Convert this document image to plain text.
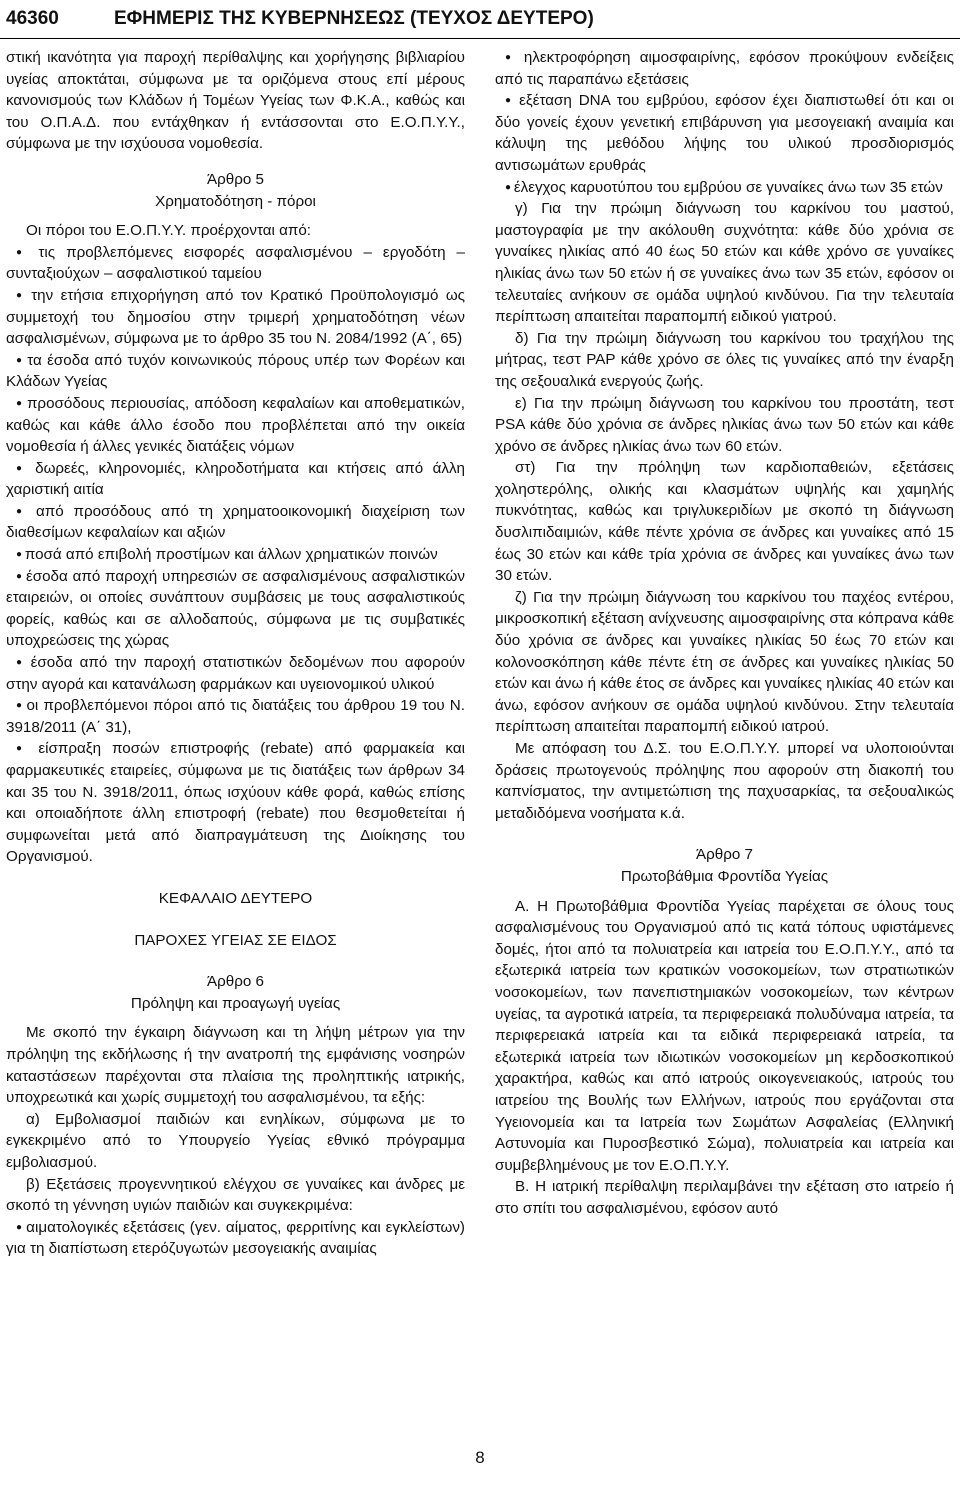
46360	ΕΦΗΜΕΡΙΣ ΤΗΣ ΚΥΒΕΡΝΗΣΕΩΣ (ΤΕΥΧΟΣ ΔΕΥΤΕΡΟ)

στική ικανότητα για παροχή περίθαλψης και χορήγησης βιβλιαρίου υγείας αποκτάται, σύμφωνα με τα οριζόμενα στους επί μέρους κανονισμούς των Κλάδων ή Τομέων Υγείας των Φ.Κ.Α., καθώς και του Ο.Π.Α.Δ. που εντάχθηκαν ή εντάσσονται στο Ε.Ο.Π.Υ.Υ., σύμφωνα με την ισχύουσα νομοθεσία.

Άρθρο 5

Χρηματοδότηση - πόροι

Οι πόροι του Ε.Ο.Π.Υ.Υ. προέρχονται από:

● τις προβλεπόμενες εισφορές ασφαλισμένου – εργοδότη – συνταξιούχων – ασφαλιστικού ταμείου

● την ετήσια επιχορήγηση από τον Κρατικό Προϋπολογισμό ως συμμετοχή του δημοσίου στην τριμερή χρηματοδότηση νέων ασφαλισμένων, σύμφωνα με το άρθρο 35 του Ν. 2084/1992 (Α΄, 65)

● τα έσοδα από τυχόν κοινωνικούς πόρους υπέρ των Φορέων και Κλάδων Υγείας

● προσόδους περιουσίας, απόδοση κεφαλαίων και αποθεματικών, καθώς και κάθε άλλο έσοδο που προβλέπεται από την οικεία νομοθεσία ή άλλες γενικές διατάξεις νόμων

● δωρεές, κληρονομιές, κληροδοτήματα και κτήσεις από άλλη χαριστική αιτία

● από προσόδους από τη χρηματοοικονομική διαχείριση των διαθεσίμων κεφαλαίων και αξιών

● ποσά από επιβολή προστίμων και άλλων χρηματικών ποινών

● έσοδα από παροχή υπηρεσιών σε ασφαλισμένους ασφαλιστικών εταιρειών, οι οποίες συνάπτουν συμβάσεις με τους ασφαλιστικούς φορείς, καθώς και σε αλλοδαπούς, σύμφωνα με τις συμβατικές υποχρεώσεις της χώρας

● έσοδα από την παροχή στατιστικών δεδομένων που αφορούν στην αγορά και κατανάλωση φαρμάκων και υγειονομικού υλικού

● οι προβλεπόμενοι πόροι από τις διατάξεις του άρθρου 19 του Ν. 3918/2011 (Α΄ 31),

● είσπραξη ποσών επιστροφής (rebate) από φαρμακεία και φαρμακευτικές εταιρείες, σύμφωνα με τις διατάξεις των άρθρων 34 και 35 του Ν. 3918/2011, όπως ισχύουν κάθε φορά, καθώς επίσης και οποιαδήποτε άλλη επιστροφή (rebate) που θεσμοθετείται ή συμφωνείται μετά από διαπραγμάτευση της Διοίκησης του Οργανισμού.

ΚΕΦΑΛΑΙΟ ΔΕΥΤΕΡΟ

ΠΑΡΟΧΕΣ ΥΓΕΙΑΣ ΣΕ ΕΙΔΟΣ

Άρθρο 6

Πρόληψη και προαγωγή υγείας

Με σκοπό την έγκαιρη διάγνωση και τη λήψη μέτρων για την πρόληψη της εκδήλωσης ή την ανατροπή της εμφάνισης νοσηρών καταστάσεων παρέχονται στα πλαίσια της προληπτικής ιατρικής, υποχρεωτικά και χωρίς συμμετοχή του ασφαλισμένου, τα εξής:

α) Εμβολιασμοί παιδιών και ενηλίκων, σύμφωνα με το εγκεκριμένο από το Υπουργείο Υγείας εθνικό πρόγραμμα εμβολιασμού.

β) Εξετάσεις προγεννητικού ελέγχου σε γυναίκες και άνδρες με σκοπό τη γέννηση υγιών παιδιών και συγκεκριμένα:

● αιματολογικές εξετάσεις (γεν. αίματος, φερριτίνης και εγκλείστων) για τη διαπίστωση ετερόζυγωτών μεσογειακής αναιμίας

● ηλεκτροφόρηση αιμοσφαιρίνης, εφόσον προκύψουν ενδείξεις από τις παραπάνω εξετάσεις

● εξέταση DNA του εμβρύου, εφόσον έχει διαπιστωθεί ότι και οι δύο γονείς έχουν γενετική επιβάρυνση για μεσογειακή αναιμία και κάλυψη της μεθόδου λήψης του υλικού προσδιορισμός αντισωμάτων ερυθράς

● έλεγχος καρυοτύπου του εμβρύου σε γυναίκες άνω των 35 ετών

γ) Για την πρώιμη διάγνωση του καρκίνου του μαστού, μαστογραφία με την ακόλουθη συχνότητα: κάθε δύο χρόνια σε γυναίκες ηλικίας από 40 έως 50 ετών και κάθε χρόνο σε γυναίκες ηλικίας άνω των 50 ετών ή σε γυναίκες άνω των 35 ετών, εφόσον οι τελευταίες ανήκουν σε ομάδα υψηλού κινδύνου. Για την τελευταία περίπτωση απαιτείται παραπομπή ειδικού γιατρού.

δ) Για την πρώιμη διάγνωση του καρκίνου του τραχήλου της μήτρας, τεστ PAP κάθε χρόνο σε όλες τις γυναίκες από την έναρξη της σεξουαλικά ενεργούς ζωής.

ε) Για την πρώιμη διάγνωση του καρκίνου του προστάτη, τεστ PSA κάθε δύο χρόνια σε άνδρες ηλικίας άνω των 50 ετών και κάθε χρόνο σε άνδρες ηλικίας άνω των 60 ετών.

στ) Για την πρόληψη των καρδιοπαθειών, εξετάσεις χοληστερόλης, ολικής και κλασμάτων υψηλής και χαμηλής πυκνότητας, καθώς και τριγλυκεριδίων με σκοπό τη διάγνωση δυσλιπιδαιμιών, κάθε πέντε χρόνια σε άνδρες και γυναίκες από 15 έως 30 ετών και κάθε τρία χρόνια σε άνδρες και γυναίκες άνω των 30 ετών.

ζ) Για την πρώιμη διάγνωση του καρκίνου του παχέος εντέρου, μικροσκοπική εξέταση ανίχνευσης αιμοσφαιρίνης στα κόπρανα κάθε δύο χρόνια σε άνδρες και γυναίκες ηλικίας 50 έως 70 ετών και κολονοσκόπηση κάθε πέντε έτη σε άνδρες και γυναίκες ηλικίας 50 ετών και άνω ή κάθε έτος σε άνδρες και γυναίκες ηλικίας 40 ετών και άνω, εφόσον ανήκουν σε ομάδα υψηλού κινδύνου. Στην τελευταία περίπτωση απαιτείται παραπομπή ειδικού ιατρού.

Με απόφαση του Δ.Σ. του Ε.Ο.Π.Υ.Υ. μπορεί να υλοποιούνται δράσεις πρωτογενούς πρόληψης που αφορούν στη διακοπή του καπνίσματος, την αντιμετώπιση της παχυσαρκίας, τα σεξουαλικώς μεταδιδόμενα νοσήματα κ.ά.

Άρθρο 7

Πρωτοβάθμια Φροντίδα Υγείας

Α. Η Πρωτοβάθμια Φροντίδα Υγείας παρέχεται σε όλους τους ασφαλισμένους του Οργανισμού από τις κατά τόπους υφιστάμενες δομές, ήτοι από τα πολυιατρεία και ιατρεία του Ε.Ο.Π.Υ.Υ., από τα εξωτερικά ιατρεία των κρατικών νοσοκομείων, των στρατιωτικών νοσοκομείων, των πανεπιστημιακών νοσοκομείων, των κέντρων υγείας, τα αγροτικά ιατρεία, τα περιφερειακά πολυδύναμα ιατρεία, τα περιφερειακά ιατρεία και τα ειδικά περιφερειακά ιατρεία, τα εξωτερικά ιατρεία των ιδιωτικών νοσοκομείων μη κερδοσκοπικού χαρακτήρα, καθώς και από ιατρούς οικογενειακούς, ιατρούς του ιατρείου της Βουλής των Ελλήνων, ιατρούς που εργάζονται στα Υγειονομεία και τα Ιατρεία των Σωμάτων Ασφαλείας (Ελληνική Αστυνομία και Πυροσβεστικό Σώμα), πολυιατρεία και ιατρεία και συμβεβλημένους με τον Ε.Ο.Π.Υ.Υ.

Β. Η ιατρική περίθαλψη περιλαμβάνει την εξέταση στο ιατρείο ή στο σπίτι του ασφαλισμένου, εφόσον αυτό

8
